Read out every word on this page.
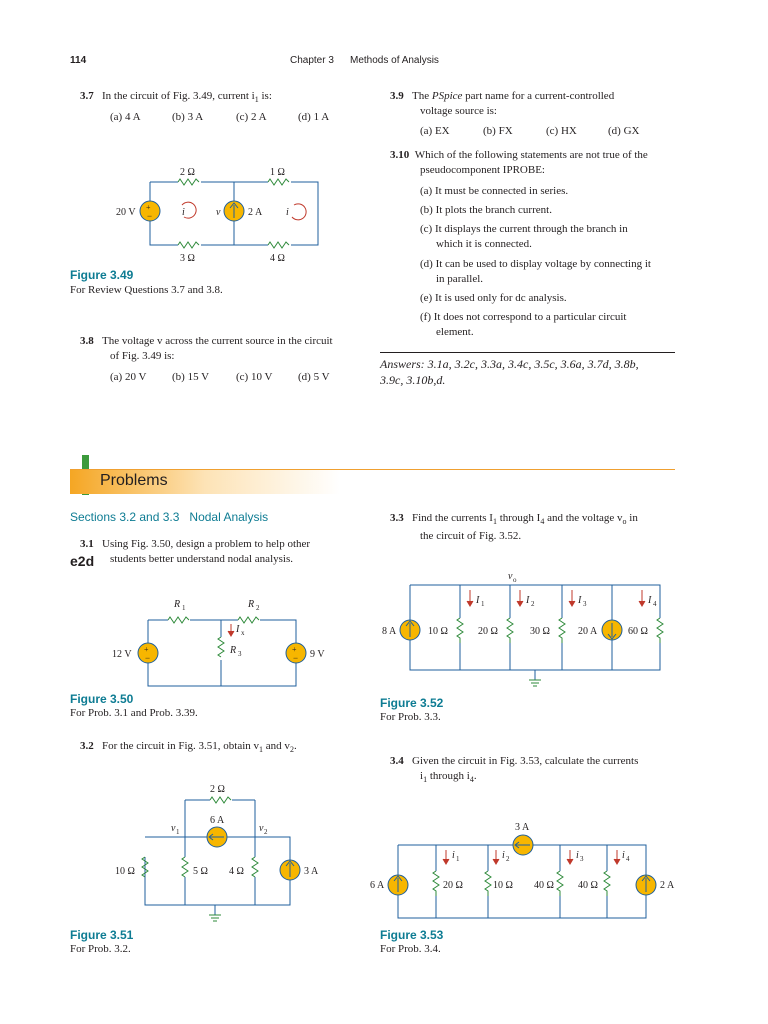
114	Chapter 3 Methods of Analysis
3.7 In the circuit of Fig. 3.49, current $i_1$ is:
(a) 4 A	(b) 3 A	(c) 2 A	(d) 1 A
+
−
2 Ω	1 Ω
3 Ω	4 Ω
20 V	2 A
i	i
v
Figure 3.49
For Review Questions 3.7 and 3.8.
3.8 The voltage v across the current source in the circuit
of Fig. 3.49 is:
(a) 20 V (b) 15 V (c) 10 V (d) 5 V
3.9 The PSpice part name for a current-controlled
voltage source is:
(a) EX	(b) FX	(c) HX	(d) GX
3.10 Which of the following statements are not true of the
pseudocomponent IPROBE:
(a) It must be connected in series.
(b) It plots the branch current.
(c) It displays the current through the branch in
which it is connected.
(d) It can be used to display voltage by connecting it
in parallel.
(e) It is used only for dc analysis.
(f) It does not correspond to a particular circuit
element.
Answers: 3.1a, 3.2c, 3.3a, 3.4c, 3.5c, 3.6a, 3.7d, 3.8b,
3.9c, 3.10b,d.
Problems
Sections 3.2 and 3.3   Nodal Analysis
3.1 Using Fig. 3.50, design a problem to help other
students better understand nodal analysis.
e2d
+
−
+
−
R 1	R 2
R 3
I x
12 V	9 V
Figure 3.50
For Prob. 3.1 and Prob. 3.39.
3.2 For the circuit in Fig. 3.51, obtain $v_1$ and $v_2$.
2 Ω
6 A
v 1	v 2
10 Ω	5 Ω 4 Ω	3 A
Figure 3.51
For Prob. 3.2.
3.3 Find the currents $I_1$ through $I_4$ and the voltage $v_o$ in
the circuit of Fig. 3.52.
v o
8 A	10 Ω	20 Ω	30 Ω	20 A	60 Ω
I 1	I 2	I 3	I 4
Figure 3.52
For Prob. 3.3.
3.4 Given the circuit in Fig. 3.53, calculate the currents
$i_1$ through $i_4$.
3 A
6 A	20 Ω	10 Ω 40 Ω 40 Ω	2 A
i 1	i 2	i 3	i 4
Figure 3.53
For Prob. 3.4.
